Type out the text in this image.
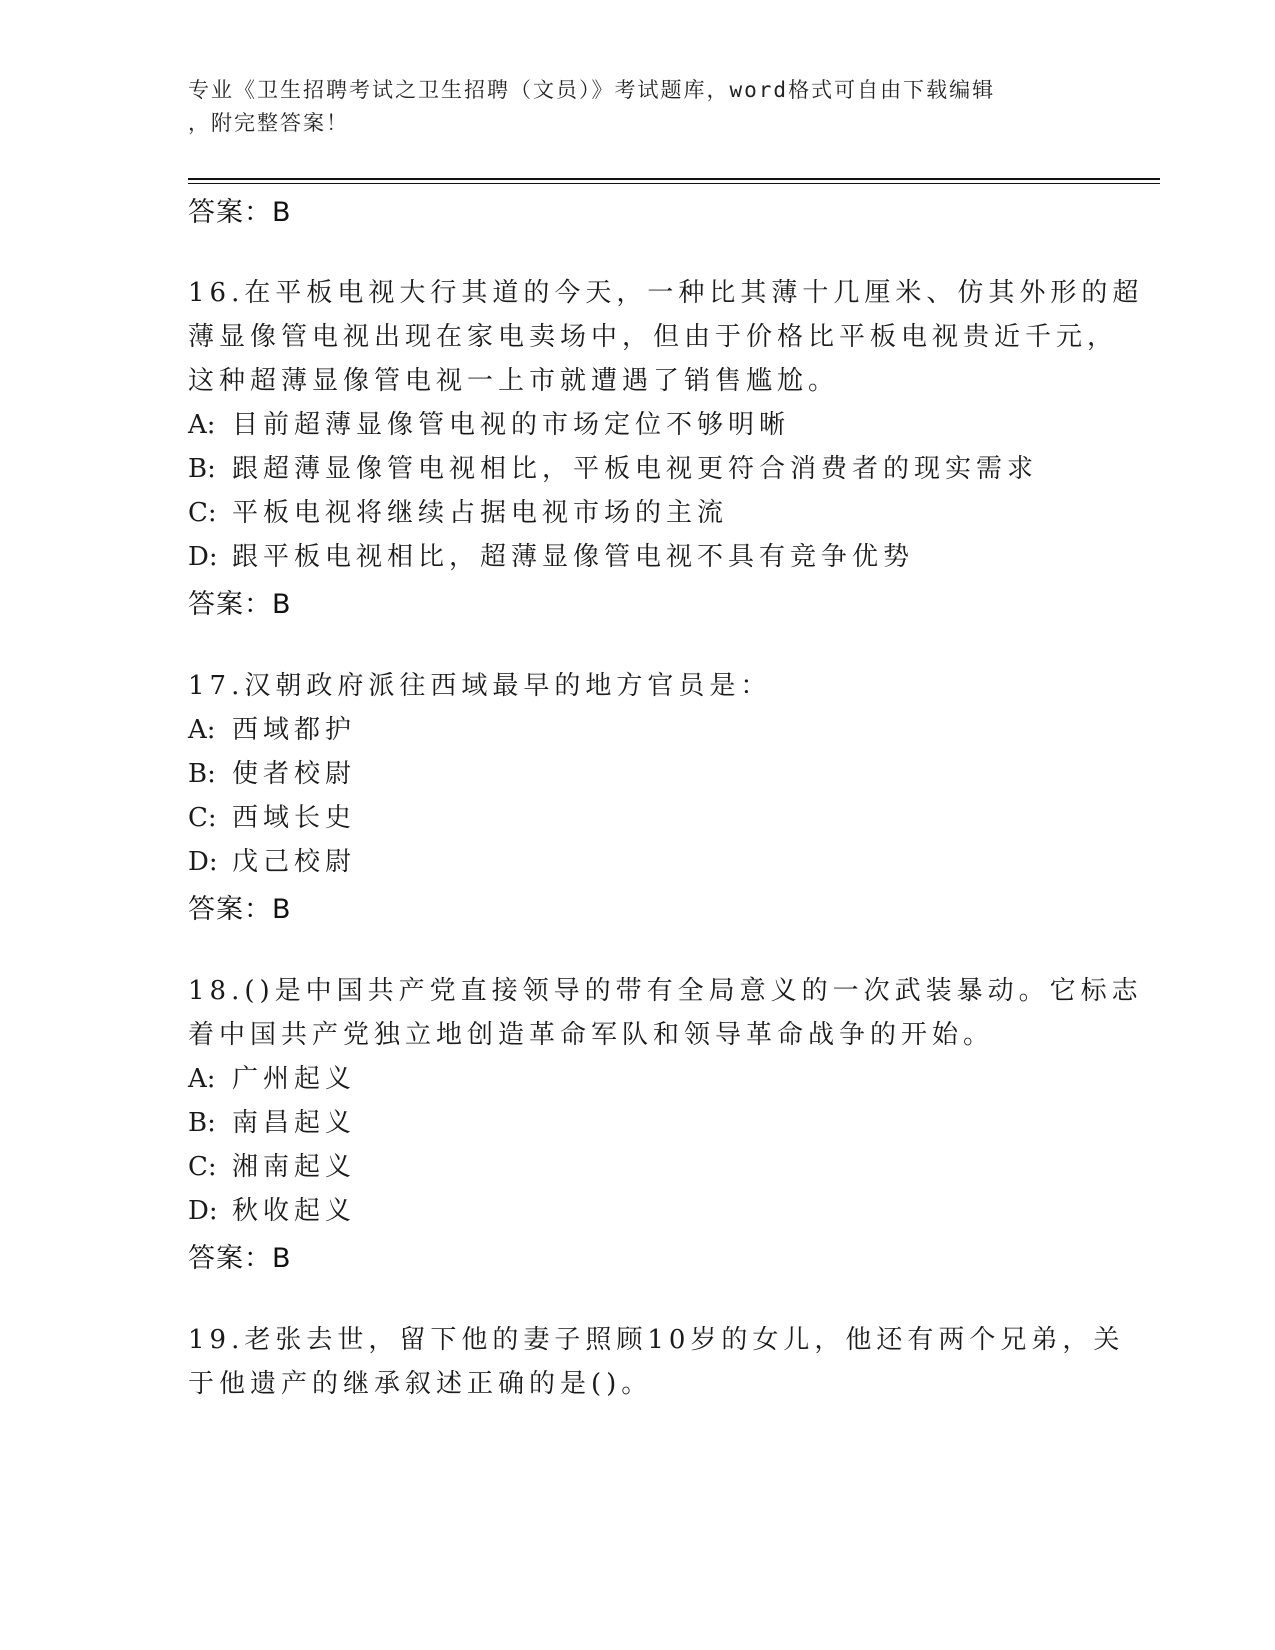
专业《卫生招聘考试之卫生招聘（文员）》考试题库，word格式可自由下载编辑
，附完整答案！
答案：B
16.在平板电视大行其道的今天，一种比其薄十几厘米、仿其外形的超
薄显像管电视出现在家电卖场中，但由于价格比平板电视贵近千元，
这种超薄显像管电视一上市就遭遇了销售尴尬。
A: 目前超薄显像管电视的市场定位不够明晰
B: 跟超薄显像管电视相比，平板电视更符合消费者的现实需求
C: 平板电视将继续占据电视市场的主流
D: 跟平板电视相比，超薄显像管电视不具有竞争优势
答案：B
17.汉朝政府派往西域最早的地方官员是：
A: 西域都护
B: 使者校尉
C: 西域长史
D: 戊己校尉
答案：B
18.()是中国共产党直接领导的带有全局意义的一次武装暴动。它标志
着中国共产党独立地创造革命军队和领导革命战争的开始。
A: 广州起义
B: 南昌起义
C: 湘南起义
D: 秋收起义
答案：B
19.老张去世，留下他的妻子照顾10岁的女儿，他还有两个兄弟，关
于他遗产的继承叙述正确的是()。
